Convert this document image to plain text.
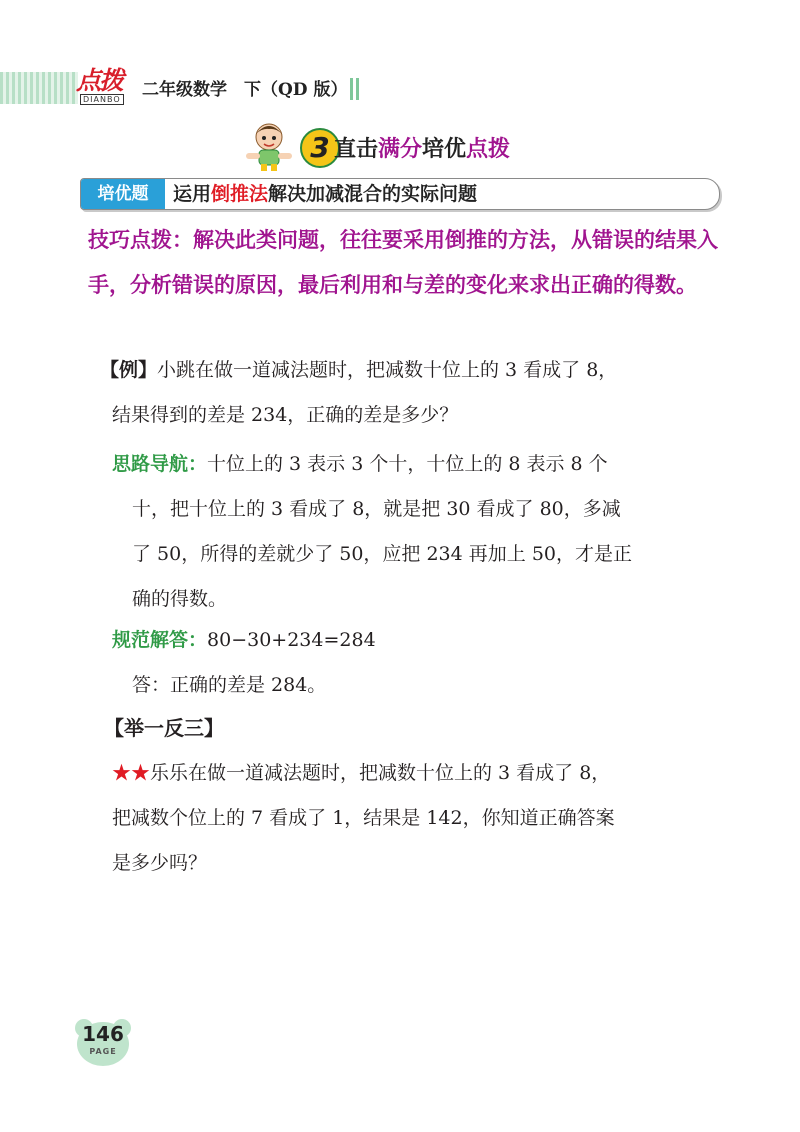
点拨
DIANBO 二年级数学　下（QD 版）
3 直击满分培优点拨
培优题	运用倒推法解决加减混合的实际问题
技巧点拨：解决此类问题，往往要采用倒推的方法，从错误的结果入手，分析错误的原因，最后利用和与差的变化来求出正确的得数。
【例】小跳在做一道减法题时，把减数十位上的 3 看成了 8，
结果得到的差是 234，正确的差是多少？
思路导航：十位上的 3 表示 3 个十，十位上的 8 表示 8 个
十，把十位上的 3 看成了 8，就是把 30 看成了 80，多减
了 50，所得的差就少了 50，应把 234 再加上 50，才是正
确的得数。
规范解答：80−30+234=284
答：正确的差是 284。
【举一反三】
★★乐乐在做一道减法题时，把减数十位上的 3 看成了 8，
把减数个位上的 7 看成了 1，结果是 142，你知道正确答案
是多少吗？
146
PAGE
